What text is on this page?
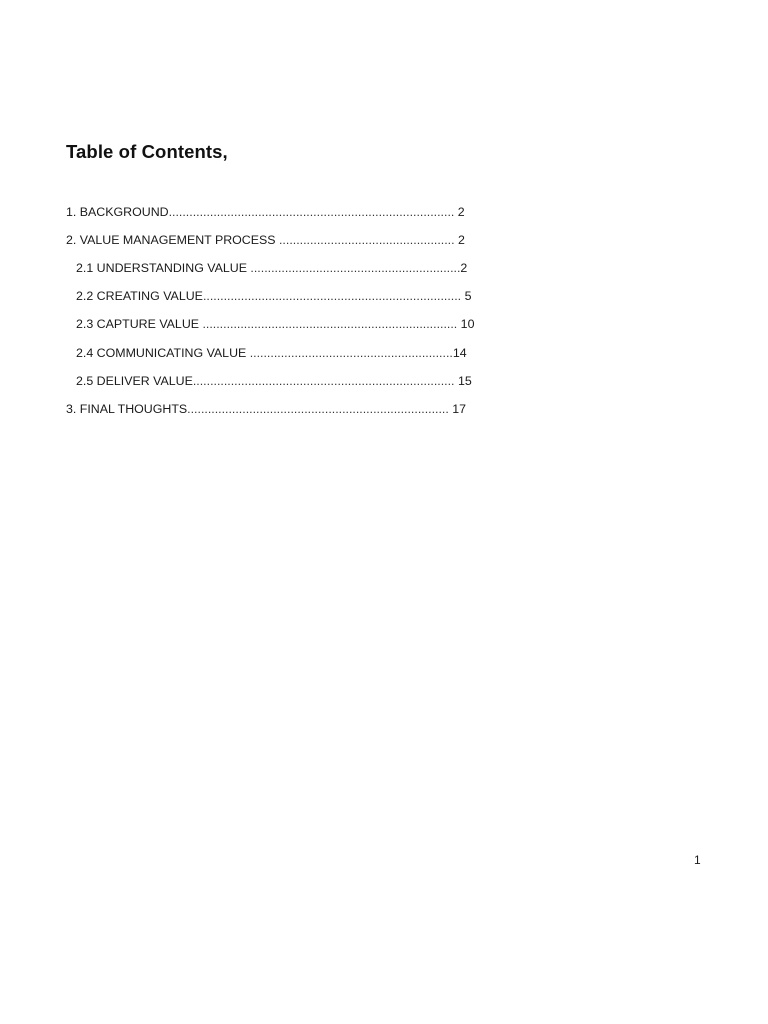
Table of Contents,
1. BACKGROUND................................................................................... 2
2. VALUE MANAGEMENT PROCESS ................................................... 2
2.1 UNDERSTANDING VALUE .............................................................2
2.2 CREATING VALUE........................................................................... 5
2.3 CAPTURE VALUE .......................................................................... 10
2.4 COMMUNICATING VALUE ...........................................................14
2.5 DELIVER VALUE............................................................................ 15
3. FINAL THOUGHTS............................................................................ 17
1
